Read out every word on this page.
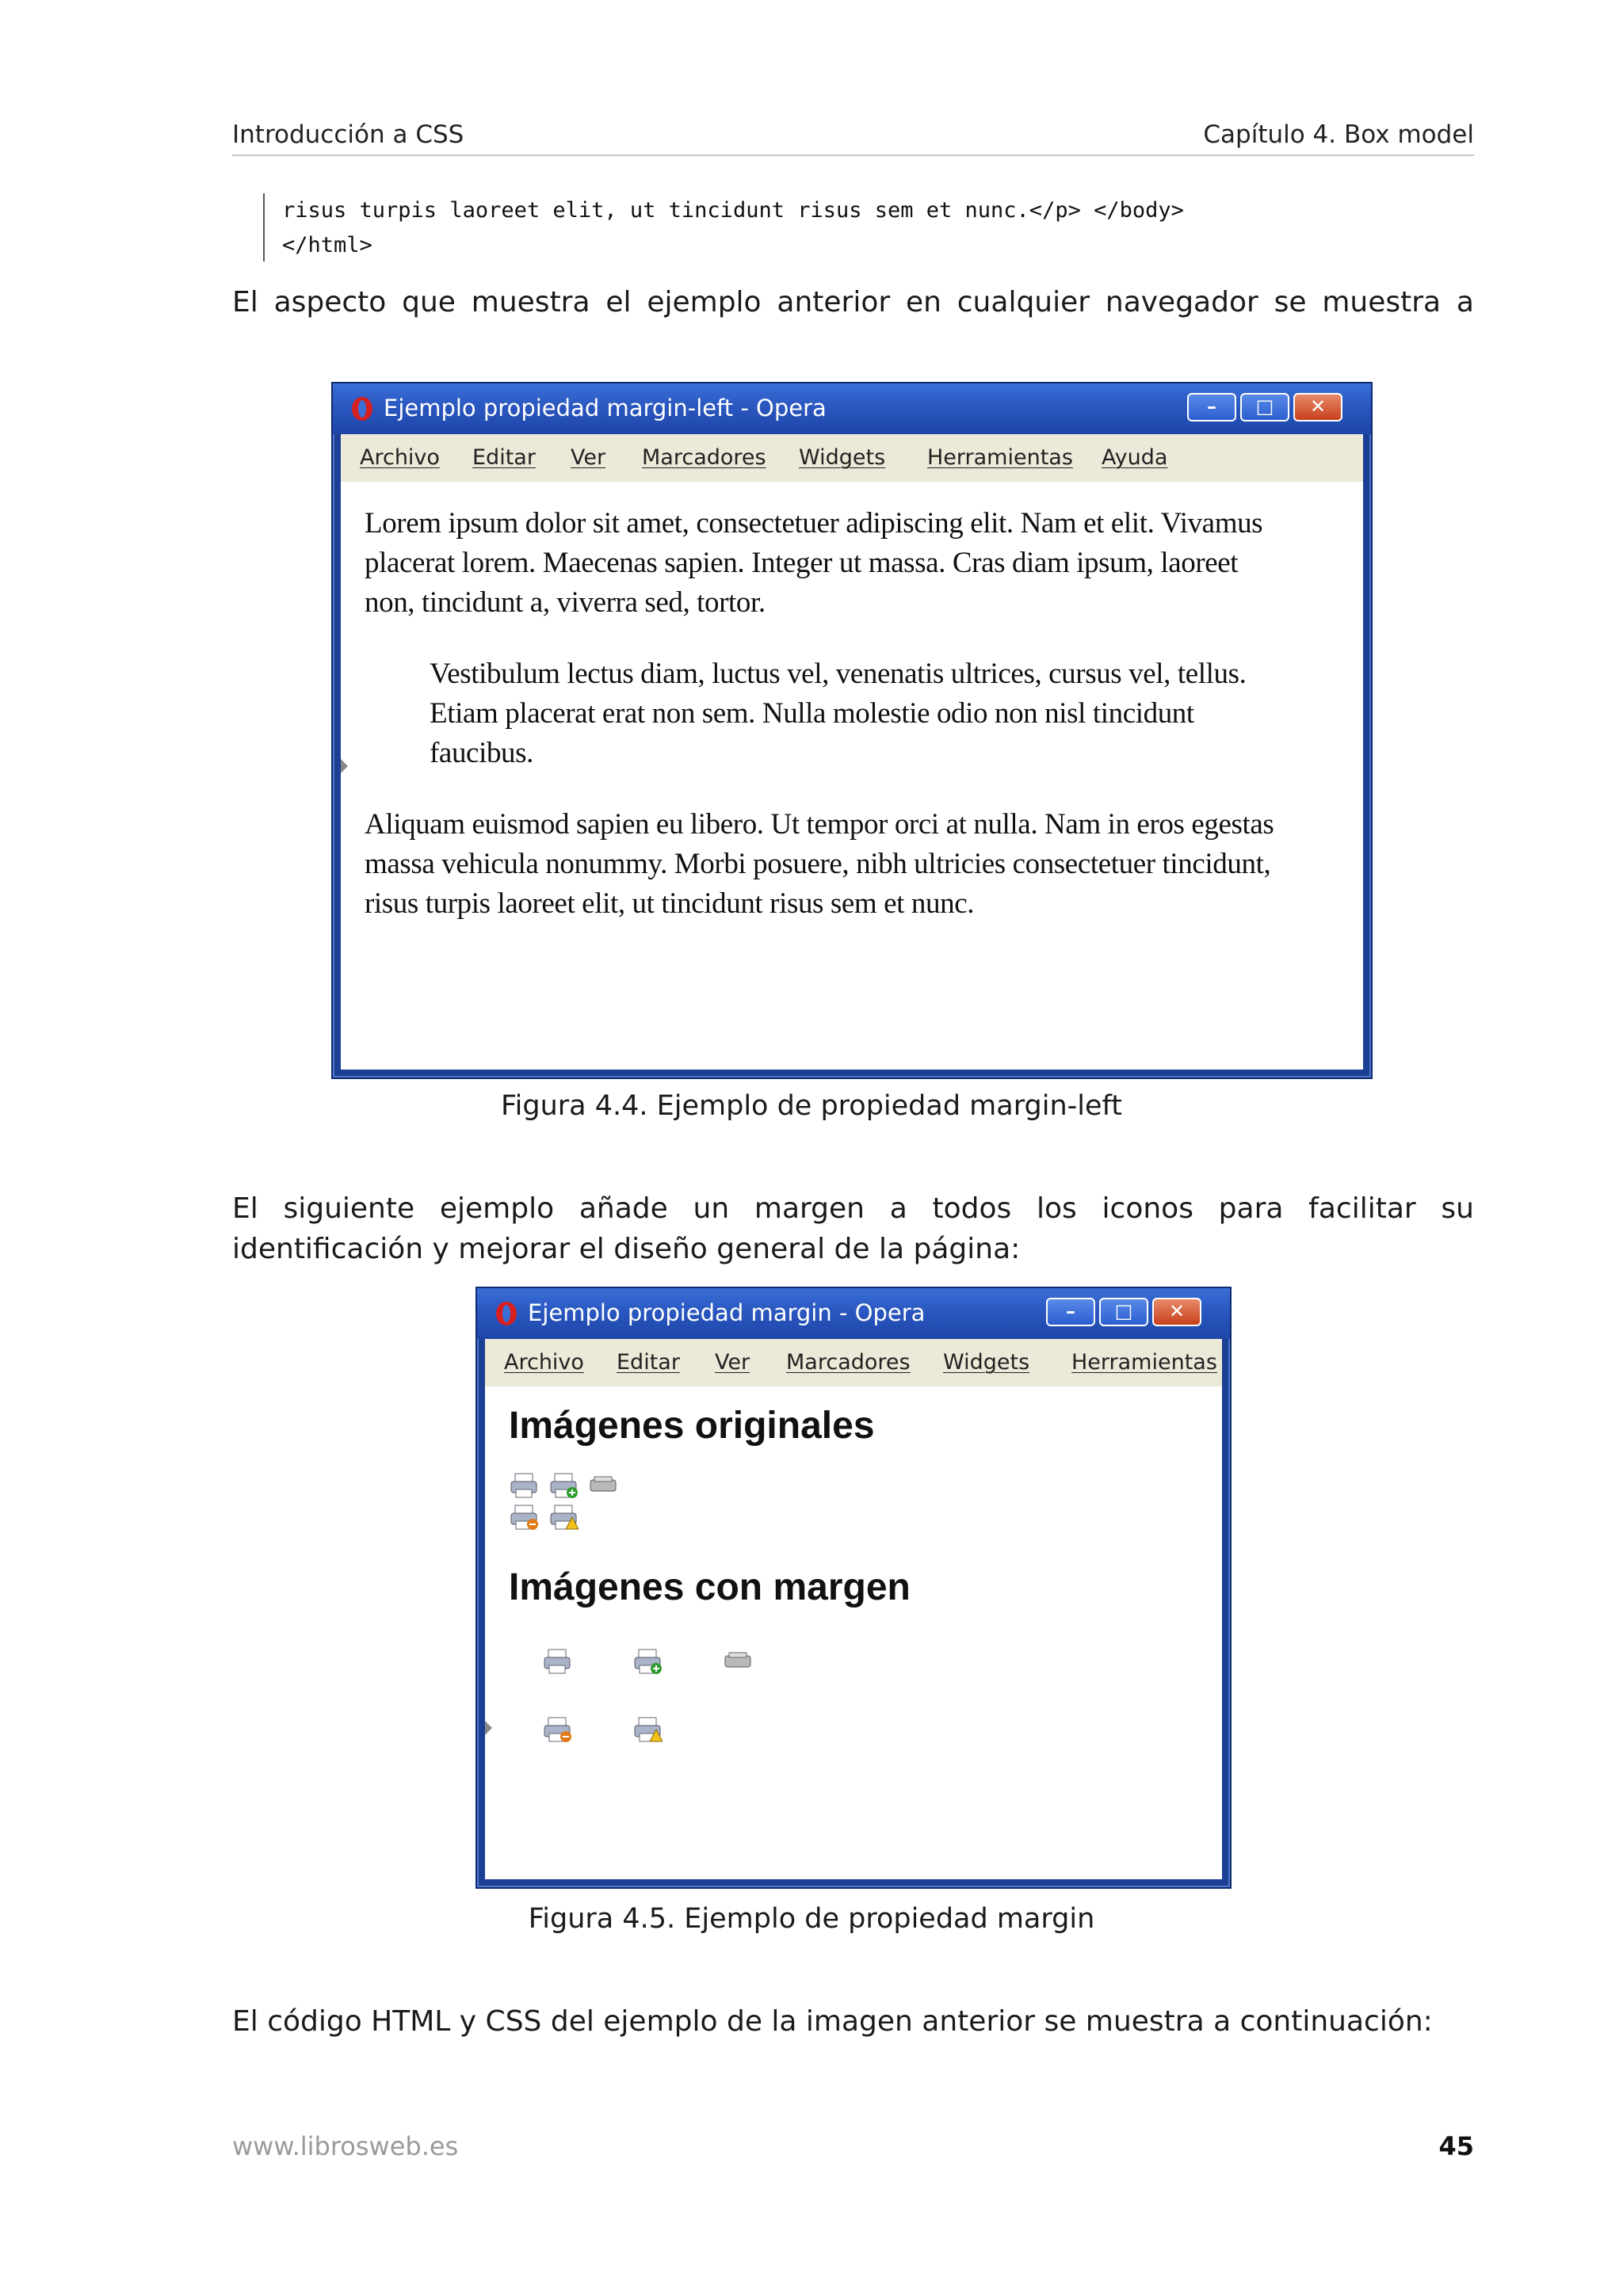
Introducción a CSS	Capítulo 4. Box model
risus turpis laoreet elit, ut tincidunt risus sem et nunc.</p> </body>
</html>
El aspecto que muestra el ejemplo anterior en cualquier navegador se muestra a
Ejemplo propiedad margin-left - Opera	–	□	✕
Archivo Editar Ver Marcadores Widgets Herramientas Ayuda
Lorem ipsum dolor sit amet, consectetuer adipiscing elit. Nam et elit. Vivamus
placerat lorem. Maecenas sapien. Integer ut massa. Cras diam ipsum, laoreet
non, tincidunt a, viverra sed, tortor.
Vestibulum lectus diam, luctus vel, venenatis ultrices, cursus vel, tellus.
Etiam placerat erat non sem. Nulla molestie odio non nisl tincidunt
faucibus.
Aliquam euismod sapien eu libero. Ut tempor orci at nulla. Nam in eros egestas
massa vehicula nonummy. Morbi posuere, nibh ultricies consectetuer tincidunt,
risus turpis laoreet elit, ut tincidunt risus sem et nunc.
Figura 4.4. Ejemplo de propiedad margin-left
El siguiente ejemplo añade un margen a todos los iconos para facilitar su
identificación y mejorar el diseño general de la página:
Ejemplo propiedad margin - Opera	–	□	✕
Archivo Editar Ver Marcadores Widgets Herramientas
Imágenes originales
Imágenes con margen
Figura 4.5. Ejemplo de propiedad margin
El código HTML y CSS del ejemplo de la imagen anterior se muestra a continuación:
www.librosweb.es	45
